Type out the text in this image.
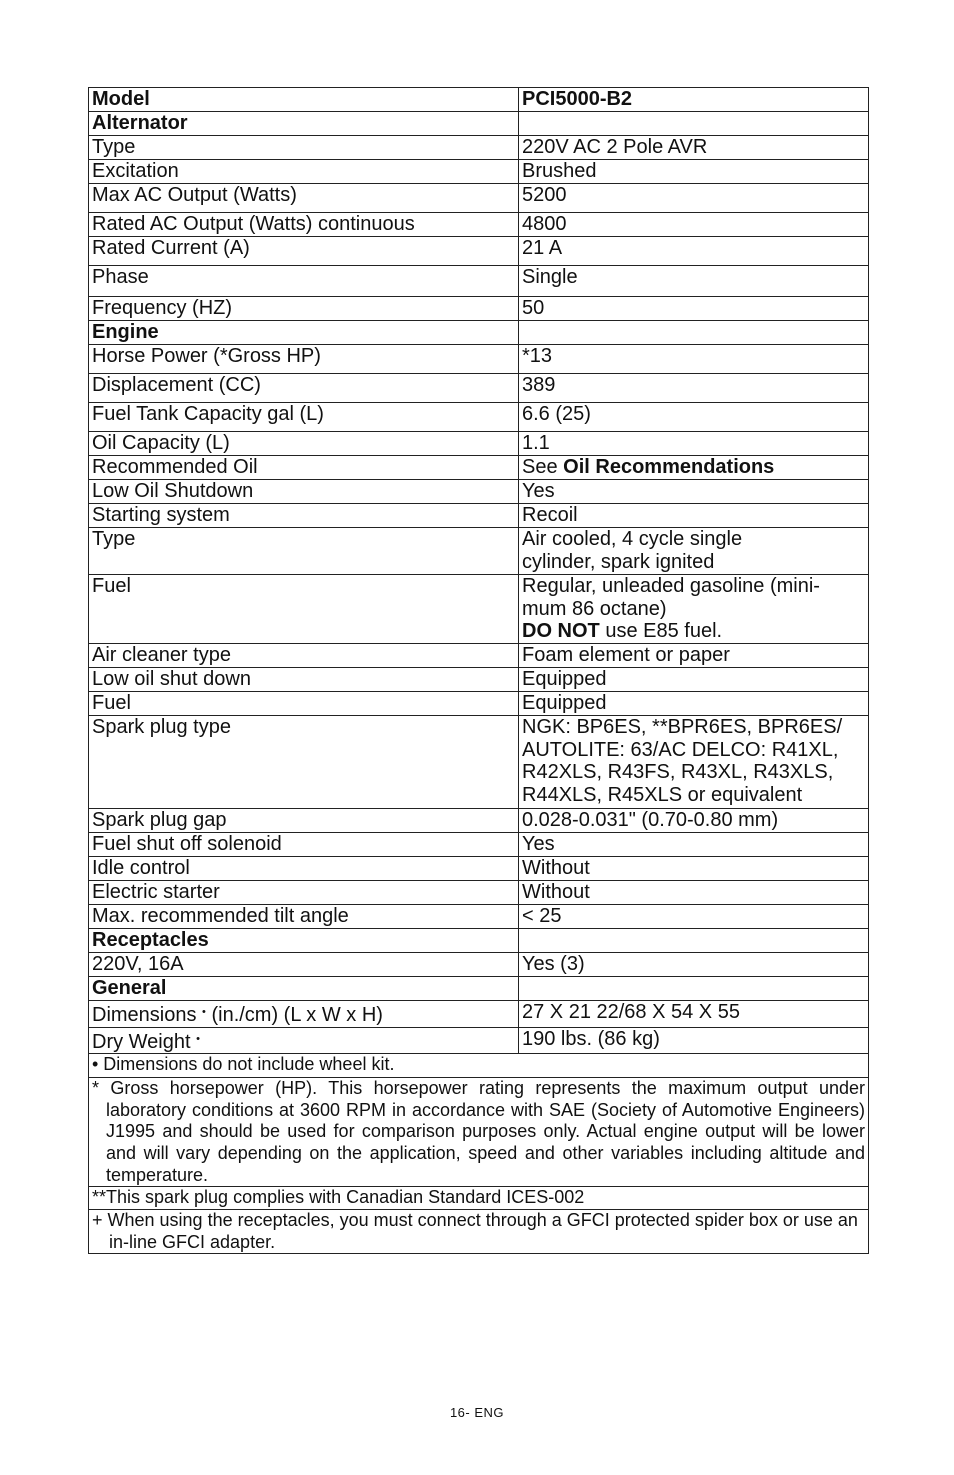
Model	PCI5000-B2
Alternator	
Type	220V AC 2 Pole AVR
Excitation	Brushed
Max AC Output (Watts)	5200
Rated AC Output (Watts) continuous	4800
Rated Current (A)	21 A
Phase	Single
Frequency (HZ)	50
Engine	
Horse Power (*Gross HP)	*13
Displacement (CC)	389
Fuel Tank Capacity gal (L)	6.6 (25)
Oil Capacity (L)	1.1
Recommended Oil	See Oil Recommendations
Low Oil Shutdown	Yes
Starting system	Recoil
Type	Air cooled, 4 cycle single
cylinder, spark ignited

Fuel	Regular, unleaded gasoline (mini-
mum 86 octane)
DO NOT use E85 fuel.

Air cleaner type	Foam element or paper
Low oil shut down	Equipped
Fuel	Equipped
Spark plug type	NGK: BP6ES, **BPR6ES, BPR6ES/
AUTOLITE: 63/AC DELCO: R41XL,
R42XLS, R43FS, R43XL, R43XLS,
R44XLS, R45XLS or equivalent

Spark plug gap	0.028-0.031" (0.70-0.80 mm)
Fuel shut off solenoid	Yes
Idle control	Without
Electric starter	Without
Max. recommended tilt angle	< 25
Receptacles	
220V, 16A	Yes (3)
General	
Dimensions • (in./cm) (L x W x H)	27 X 21 22/68 X 54 X 55
Dry Weight •	190 lbs. (86 kg)
• Dimensions do not include wheel kit.	
* Gross horsepower (HP). This horsepower rating represents the maximum output under laboratory conditions at 3600 RPM in accordance with SAE (Society of Automotive Engineers) J1995 and should be used for comparison purposes only. Actual engine output will be lower and will vary depending on the application, speed and other variables including altitude and temperature.	
**This spark plug complies with Canadian Standard ICES-002	
+ When using the receptacles, you must connect through a GFCI protected spider box or use an in-line GFCI adapter.	
16- ENG
